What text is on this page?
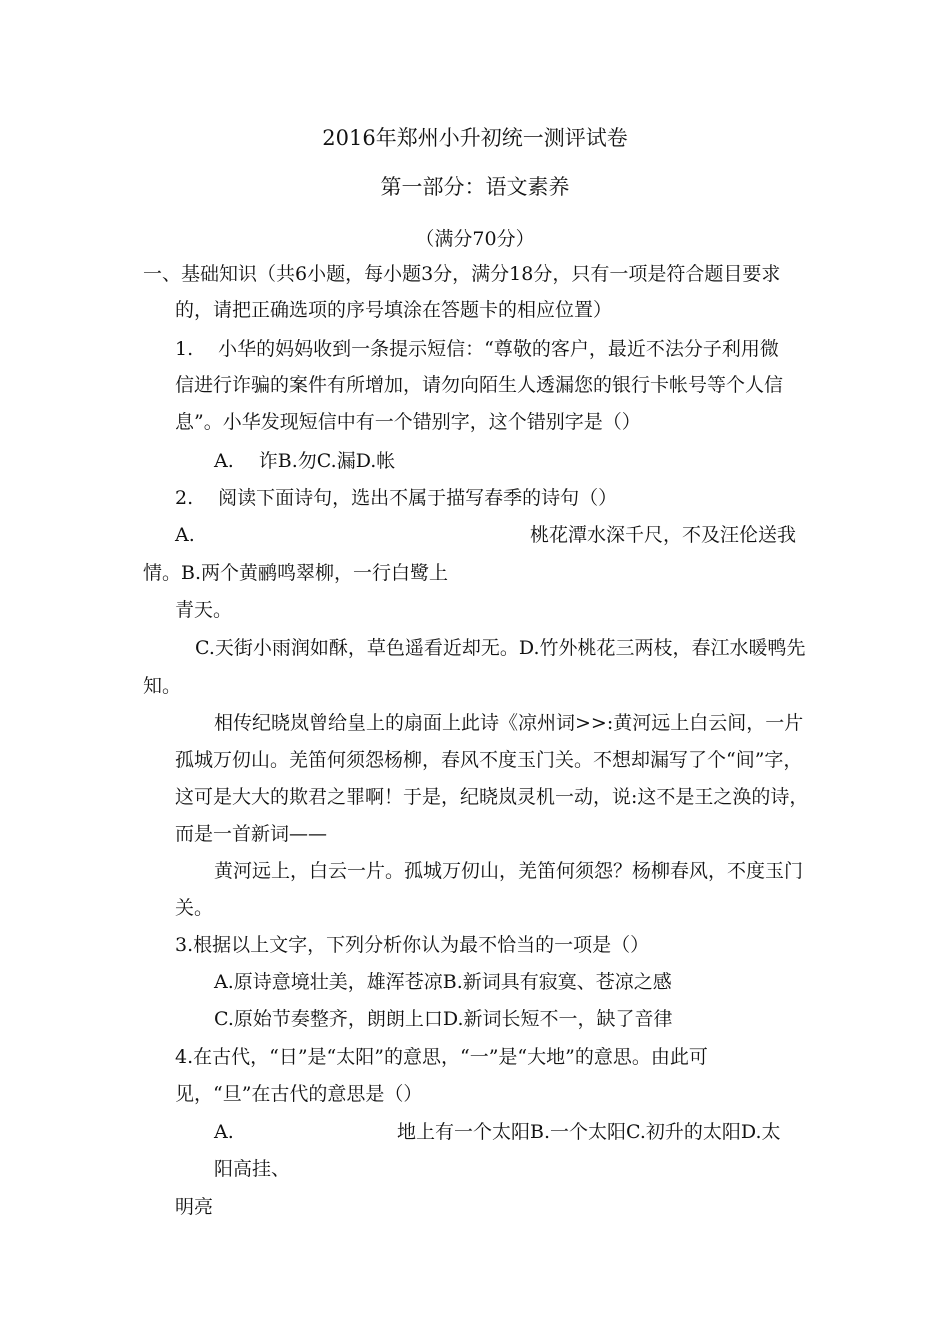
2016年郑州小升初统一测评试卷
第一部分：语文素养
（满分70分）
一、基础知识（共6小题，每小题3分，满分18分，只有一项是符合题目要求
的，请把正确选项的序号填涂在答题卡的相应位置）
1.　 小华的妈妈收到一条提示短信：“尊敬的客户，最近不法分子利用微
信进行诈骗的案件有所增加，请勿向陌生人透漏您的银行卡帐号等个人信
息”。小华发现短信中有一个错别字，这个错别字是（）
A.　 诈B.勿C.漏D.帐
2.　 阅读下面诗句，选出不属于描写春季的诗句（）
A.	桃花潭水深千尺，不及汪伦送我
情。B.两个黄鹂鸣翠柳，一行白鹭上
青天。
C.天街小雨润如酥，草色遥看近却无。D.竹外桃花三两枝，春江水暖鸭先
知。
相传纪晓岚曾给皇上的扇面上此诗《凉州词>>:黄河远上白云间，一片
孤城万仞山。羌笛何须怨杨柳，春风不度玉门关。不想却漏写了个“间”字，
这可是大大的欺君之罪啊！于是，纪晓岚灵机一动，说:这不是王之涣的诗，
而是一首新词——
黄河远上，白云一片。孤城万仞山，羌笛何须怨？杨柳春风，不度玉门
关。
3.根据以上文字，下列分析你认为最不恰当的一项是（）
A.原诗意境壮美，雄浑苍凉B.新词具有寂寞、苍凉之感
C.原始节奏整齐，朗朗上口D.新词长短不一，缺了音律
4.在古代，“日”是“太阳”的意思，“一”是“大地”的意思。由此可
见，“旦”在古代的意思是（）
A.	地上有一个太阳B.一个太阳C.初升的太阳D.太
阳高挂、
明亮
